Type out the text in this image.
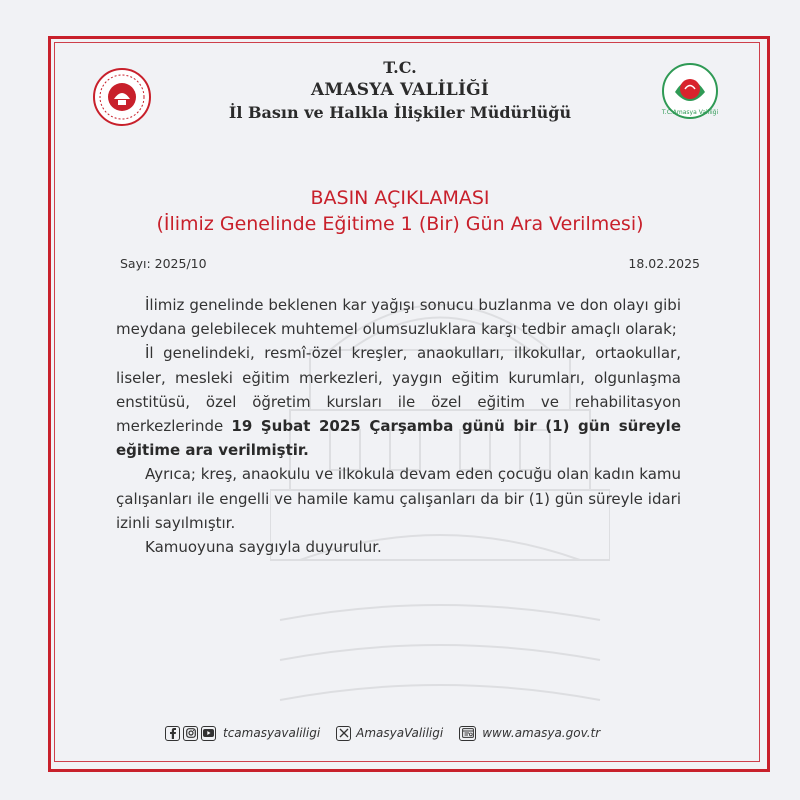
T.C.Amasya Valiliği
T.C.
AMASYA VALİLİĞİ
İl Basın ve Halkla İlişkiler Müdürlüğü
BASIN AÇIKLAMASI
(İlimiz Genelinde Eğitime 1 (Bir) Gün Ara Verilmesi)
Sayı: 2025/10	18.02.2025

İlimiz genelinde beklenen kar yağışı sonucu buzlanma ve don olayı gibi meydana gelebilecek muhtemel olumsuzluklara karşı tedbir amaçlı olarak;

İl genelindeki, resmî-özel kreşler, anaokulları, ilkokullar, ortaokullar, liseler, mesleki eğitim merkezleri, yaygın eğitim kurumları, olgunlaşma enstitüsü, özel öğretim kursları ile özel eğitim ve rehabilitasyon merkezlerinde 19 Şubat 2025 Çarşamba günü bir (1) gün süreyle eğitime ara verilmiştir.

Ayrıca; kreş, anaokulu ve ilkokula devam eden çocuğu olan kadın kamu çalışanları ile engelli ve hamile kamu çalışanları da bir (1) gün süreyle idari izinli sayılmıştır.

Kamuoyuna saygıyla duyurulur.

tcamasyavaliligi	AmasyaValiligi	www.amasya.gov.tr
